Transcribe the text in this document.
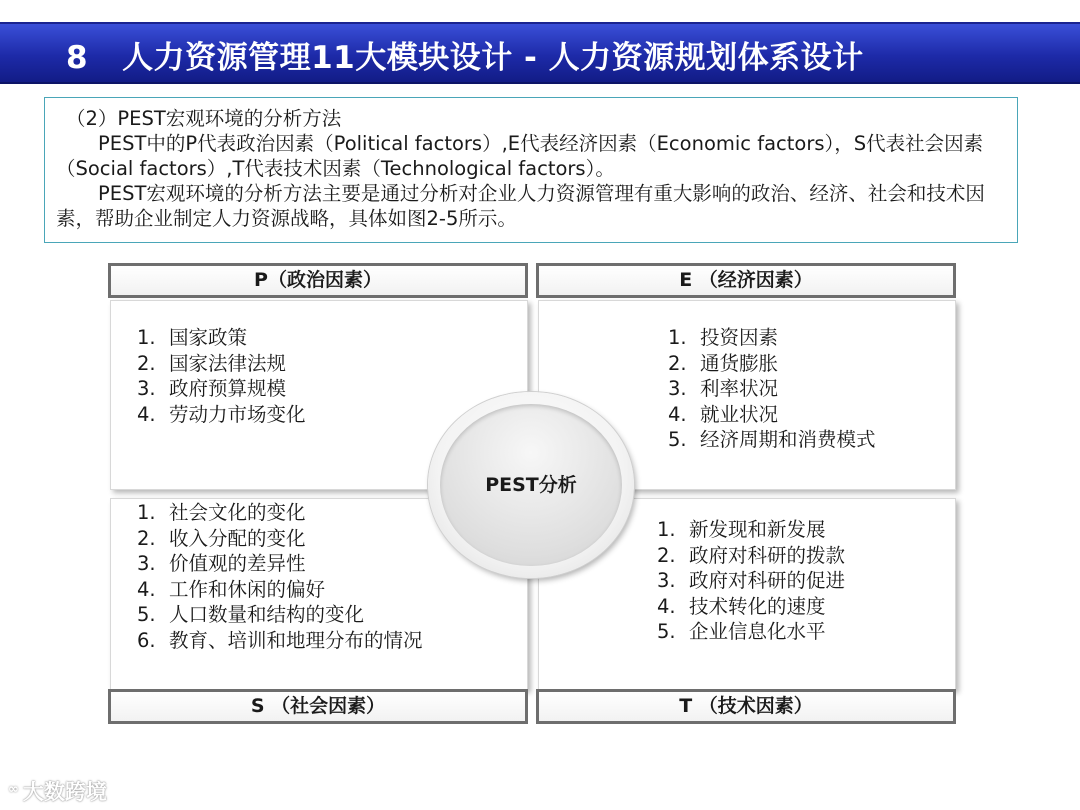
8 人力资源管理11大模块设计 - 人力资源规划体系设计

（2）PEST宏观环境的分析方法

PEST中的P代表政治因素（Political factors）,E代表经济因素（Economic factors），S代表社会因素（Social factors）,T代表技术因素（Technological factors）。

PEST宏观环境的分析方法主要是通过分析对企业人力资源管理有重大影响的政治、经济、社会和技术因素，帮助企业制定人力资源战略，具体如图2-5所示。

P（政治因素）	E （经济因素）
S （社会因素）	T （技术因素）
1. 国家政策
2. 国家法律法规
3. 政府预算规模
4. 劳动力市场变化
1. 投资因素
2. 通货膨胀
3. 利率状况
4. 就业状况
5. 经济周期和消费模式
1. 社会文化的变化
2. 收入分配的变化
3. 价值观的差异性
4. 工作和休闲的偏好
5. 人口数量和结构的变化
6. 教育、培训和地理分布的情况
1. 新发现和新发展
2. 政府对科研的拨款
3. 政府对科研的促进
4. 技术转化的速度
5. 企业信息化水平
PEST分析
∞ 大数跨境
